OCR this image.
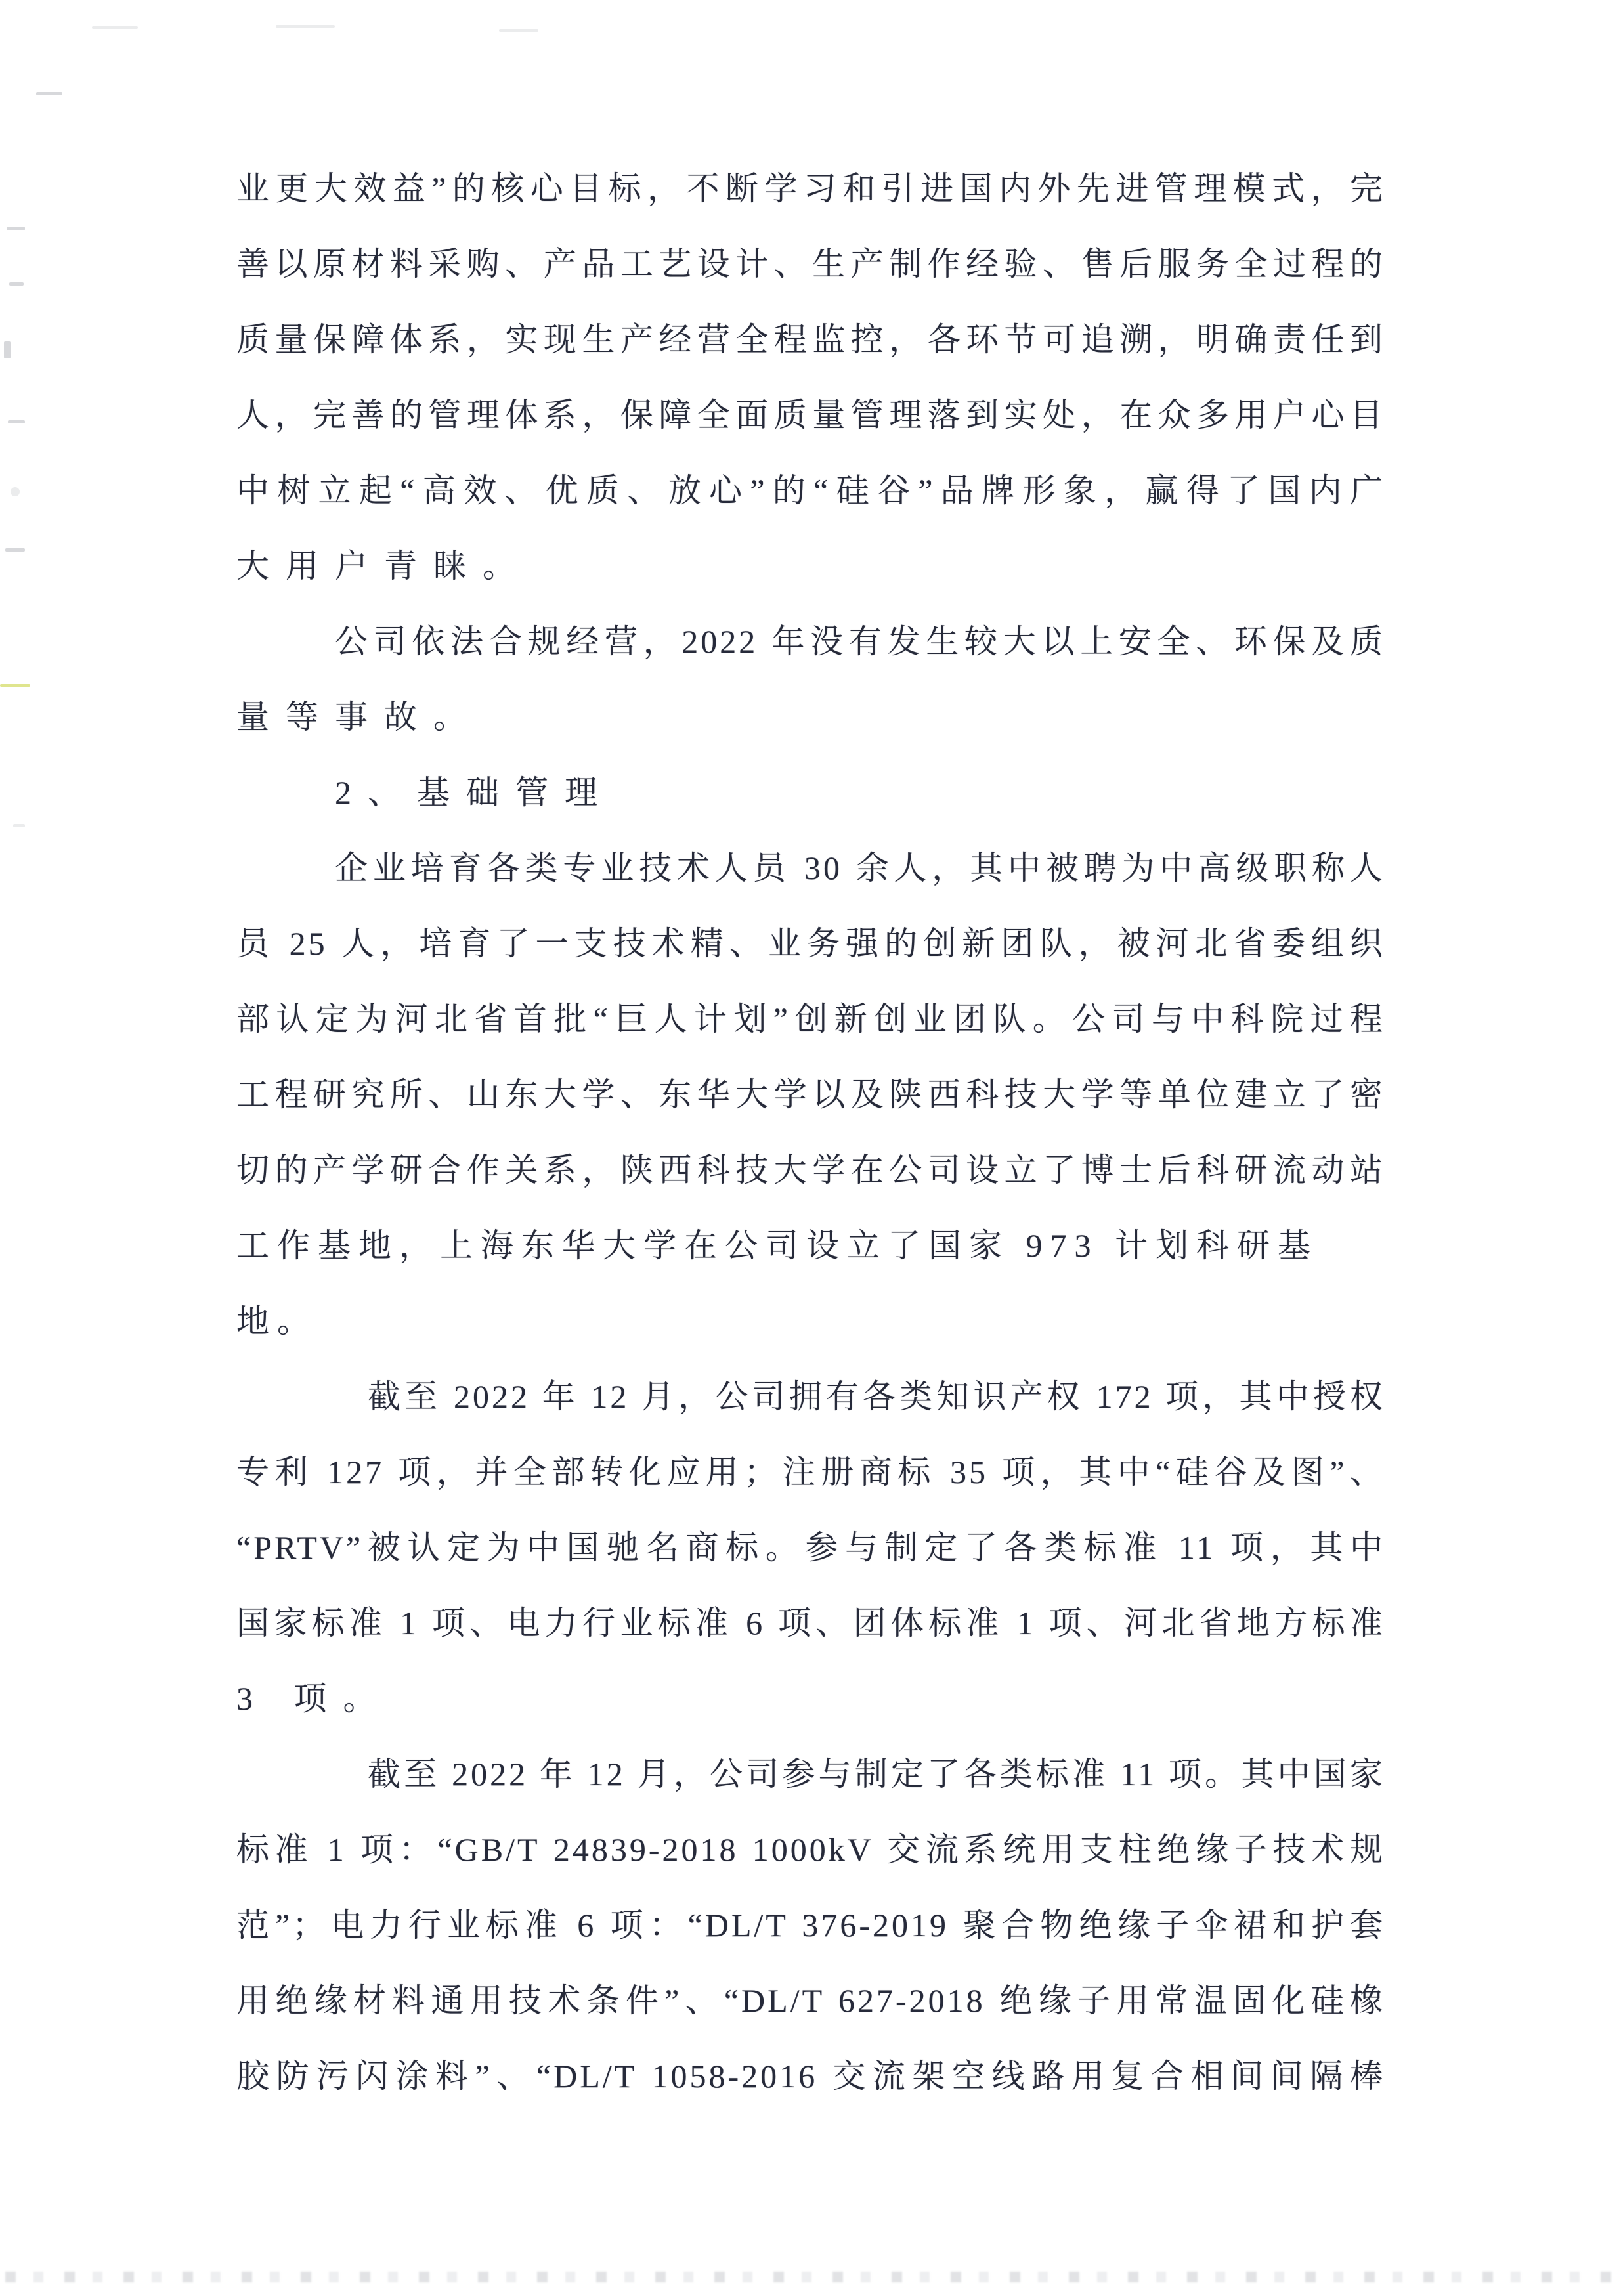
业更大效益”的核心目标，不断学习和引进国内外先进管理模式，完
善以原材料采购、产品工艺设计、生产制作经验、售后服务全过程的
质量保障体系，实现生产经营全程监控，各环节可追溯，明确责任到
人，完善的管理体系，保障全面质量管理落到实处，在众多用户心目
中树立起“高效、优质、放心”的“硅谷”品牌形象，赢得了国内广
大用户青睐。
公司依法合规经营，2022 年没有发生较大以上安全、环保及质
量等事故。
2、基础管理
企业培育各类专业技术人员 30 余人，其中被聘为中高级职称人
员 25 人，培育了一支技术精、业务强的创新团队，被河北省委组织
部认定为河北省首批“巨人计划”创新创业团队。公司与中科院过程
工程研究所、山东大学、东华大学以及陕西科技大学等单位建立了密
切的产学研合作关系，陕西科技大学在公司设立了博士后科研流动站
工作基地，上海东华大学在公司设立了国家 973 计划科研基地。
截至 2022 年 12 月，公司拥有各类知识产权 172 项，其中授权
专利 127 项，并全部转化应用；注册商标 35 项，其中“硅谷及图”、
“PRTV”被认定为中国驰名商标。参与制定了各类标准 11 项，其中
国家标准 1 项、电力行业标准 6 项、团体标准 1 项、河北省地方标准
3 项。
截至 2022 年 12 月，公司参与制定了各类标准 11 项。其中国家
标准 1 项：“GB/T 24839-2018 1000kV 交流系统用支柱绝缘子技术规
范”；电力行业标准 6 项：“DL/T 376-2019 聚合物绝缘子伞裙和护套
用绝缘材料通用技术条件”、“DL/T 627-2018 绝缘子用常温固化硅橡
胶防污闪涂料”、“DL/T 1058-2016 交流架空线路用复合相间间隔棒
